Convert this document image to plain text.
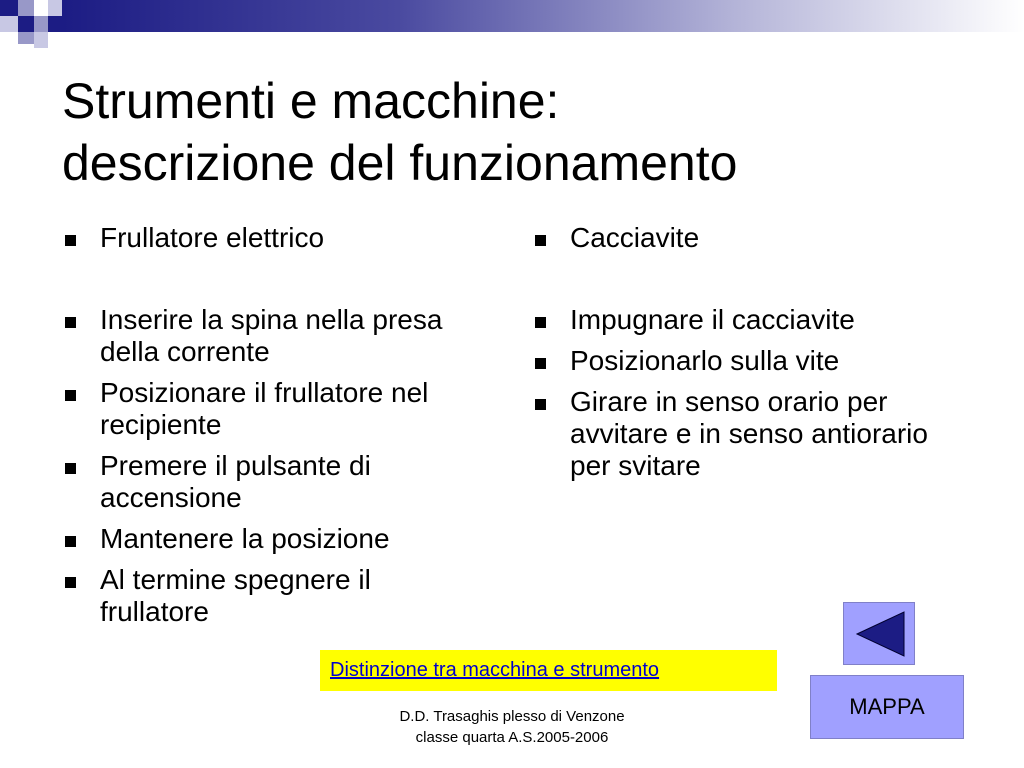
Strumenti e macchine:
descrizione del funzionamento
Frullatore elettrico
Inserire la spina nella presa della corrente
Posizionare il frullatore nel recipiente
Premere il pulsante di accensione
Mantenere la posizione
Al termine spegnere il frullatore
Cacciavite
Impugnare il cacciavite
Posizionarlo sulla vite
Girare in senso orario per avvitare e in senso antiorario per svitare
Distinzione tra macchina e strumento
MAPPA
D.D. Trasaghis plesso di Venzone
classe quarta A.S.2005-2006
